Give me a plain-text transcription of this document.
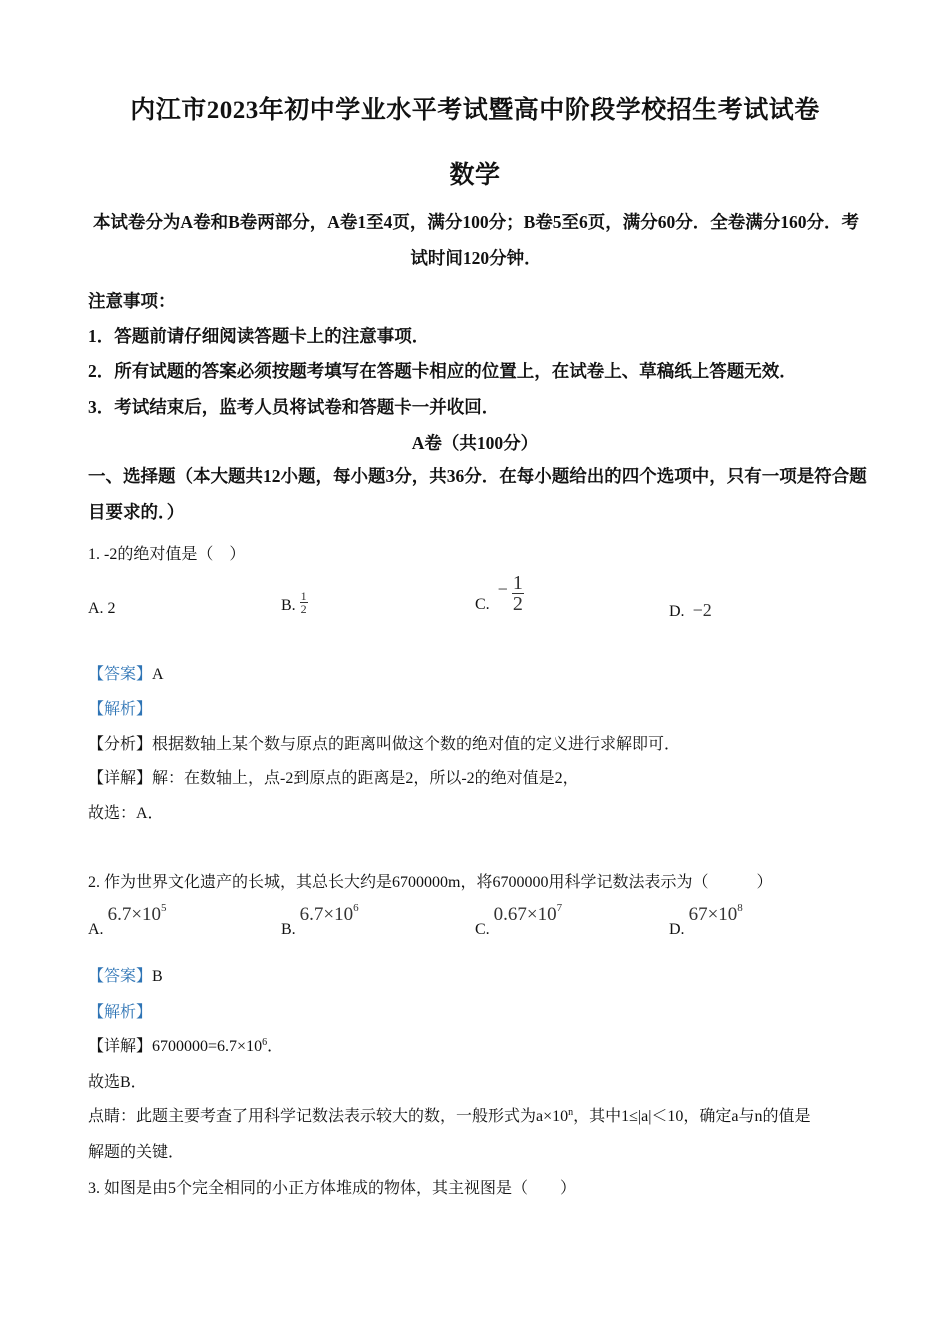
内江市2023年初中学业水平考试暨高中阶段学校招生考试试卷
数学
本试卷分为A卷和B卷两部分，A卷1至4页，满分100分；B卷5至6页，满分60分．全卷满分160分．考试时间120分钟．
注意事项：
1．答题前请仔细阅读答题卡上的注意事项．
2．所有试题的答案必须按题考填写在答题卡相应的位置上，在试卷上、草稿纸上答题无效．
3．考试结束后，监考人员将试卷和答题卡一并收回．
A卷（共100分）
一、选择题（本大题共12小题，每小题3分，共36分．在每小题给出的四个选项中，只有一项是符合题目要求的．）
1. -2的绝对值是（　）
A. 2	B. $\frac{1}{2}$	C. − $\frac{1}{2}$	D. −2
【答案】A
【解析】
【分析】根据数轴上某个数与原点的距离叫做这个数的绝对值的定义进行求解即可．
【详解】解：在数轴上，点-2到原点的距离是2，所以-2的绝对值是2，
故选：A．
2. 作为世界文化遗产的长城，其总长大约是6700000m，将6700000用科学记数法表示为（　　　）
A. $6.7\times 10^5$
B. $6.7\times 10^6$
C. $0.67\times 10^7$
D. $67\times 10^8$
【答案】B
【解析】
【详解】$6700000=6.7\times 10^6$．
故选B．
点睛：此题主要考查了用科学记数法表示较大的数，一般形式为$a\times 10^n$，其中1≤|a|＜10，确定a与n的值是
解题的关键．
3. 如图是由5个完全相同的小正方体堆成的物体，其主视图是（　　）
